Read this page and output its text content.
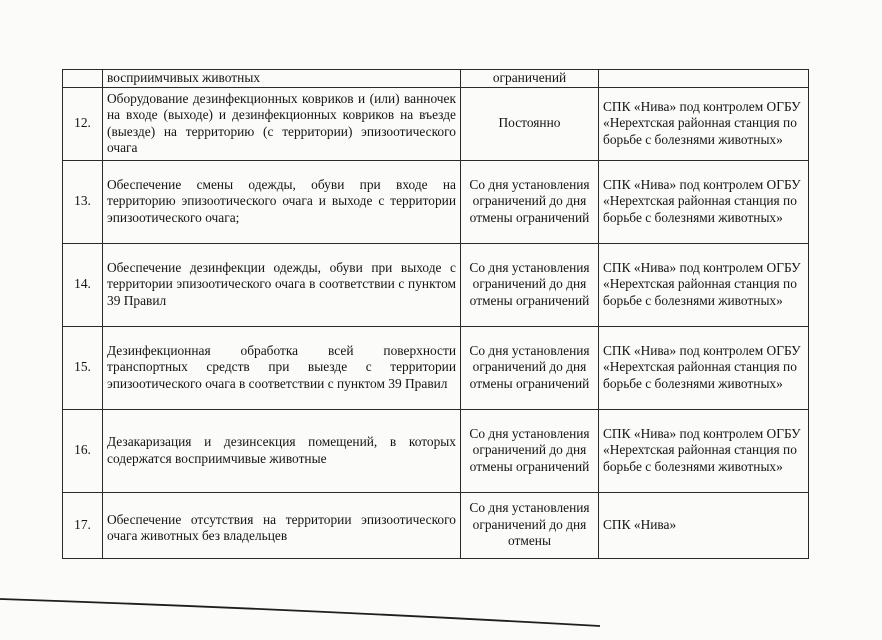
	восприимчивых животных	ограничений	
12.	Оборудование дезинфекционных ковриков и (или) ванночек на входе (выходе) и дезинфекционных ковриков на въезде (выезде) на территорию (с территории) эпизоотического очага	Постоянно	СПК «Нива» под контролем ОГБУ «Нерехтская районная станция по борьбе с болезнями животных»
13.	Обеспечение смены одежды, обуви при входе на территорию эпизоотического очага и выходе с территории эпизоотического очага;	Со дня установления ограничений до дня отмены ограничений	СПК «Нива» под контролем ОГБУ «Нерехтская районная станция по борьбе с болезнями животных»
14.	Обеспечение дезинфекции одежды, обуви при выходе с территории эпизоотического очага в соответствии с пунктом 39 Правил	Со дня установления ограничений до дня отмены ограничений	СПК «Нива» под контролем ОГБУ «Нерехтская районная станция по борьбе с болезнями животных»
15.	Дезинфекционная обработка всей поверхности транспортных средств при выезде с территории эпизоотического очага в соответствии с пунктом 39 Правил	Со дня установления ограничений до дня отмены ограничений	СПК «Нива» под контролем ОГБУ «Нерехтская районная станция по борьбе с болезнями животных»
16.	Дезакаризация и дезинсекция помещений, в которых содержатся восприимчивые животные	Со дня установления ограничений до дня отмены ограничений	СПК «Нива» под контролем ОГБУ «Нерехтская районная станция по борьбе с болезнями животных»
17.	Обеспечение отсутствия на территории эпизоотического очага животных без владельцев	Со дня установления ограничений до дня отмены	СПК «Нива»
